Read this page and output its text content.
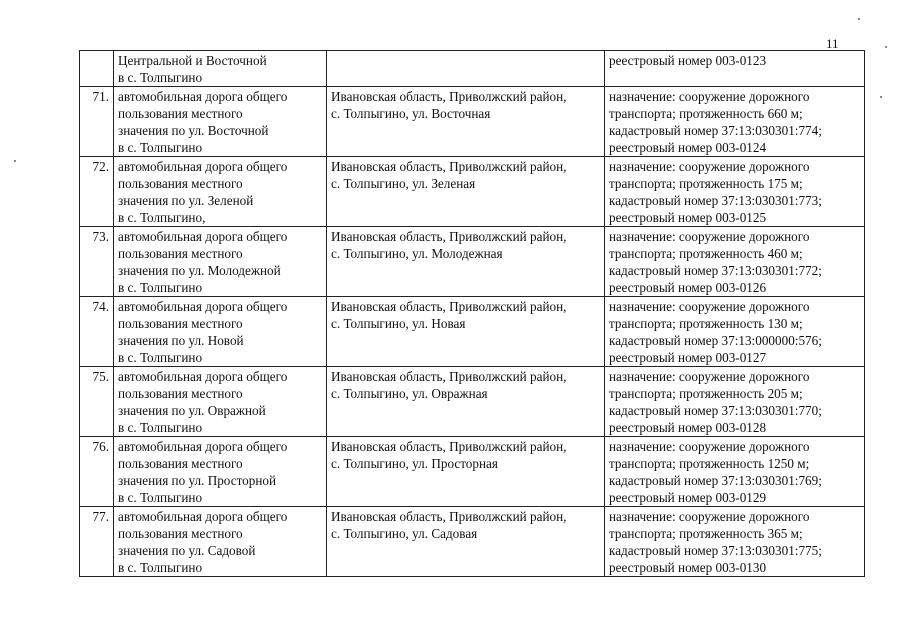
11

	Центральной и Восточной
в с. Толпыгино		реестровый номер 003-0123

71.	автомобильная дорога общего
пользования местного
значения по ул. Восточной
в с. Толпыгино	Ивановская область, Приволжский район,
с. Толпыгино, ул. Восточная	назначение: сооружение дорожного
транспорта; протяженность 660 м;
кадастровый номер 37:13:030301:774;
реестровый номер 003-0124

72.	автомобильная дорога общего
пользования местного
значения по ул. Зеленой
в с. Толпыгино,	Ивановская область, Приволжский район,
с. Толпыгино, ул. Зеленая	назначение: сооружение дорожного
транспорта; протяженность 175 м;
кадастровый номер 37:13:030301:773;
реестровый номер 003-0125

73.	автомобильная дорога общего
пользования местного
значения по ул. Молодежной
в с. Толпыгино	Ивановская область, Приволжский район,
с. Толпыгино, ул. Молодежная	назначение: сооружение дорожного
транспорта; протяженность 460 м;
кадастровый номер 37:13:030301:772;
реестровый номер 003-0126

74.	автомобильная дорога общего
пользования местного
значения по ул. Новой
в с. Толпыгино	Ивановская область, Приволжский район,
с. Толпыгино, ул. Новая	назначение: сооружение дорожного
транспорта; протяженность 130 м;
кадастровый номер 37:13:000000:576;
реестровый номер 003-0127

75.	автомобильная дорога общего
пользования местного
значения по ул. Овражной
в с. Толпыгино	Ивановская область, Приволжский район,
с. Толпыгино, ул. Овражная	назначение: сооружение дорожного
транспорта; протяженность 205 м;
кадастровый номер 37:13:030301:770;
реестровый номер 003-0128

76.	автомобильная дорога общего
пользования местного
значения по ул. Просторной
в с. Толпыгино	Ивановская область, Приволжский район,
с. Толпыгино, ул. Просторная	назначение: сооружение дорожного
транспорта; протяженность 1250 м;
кадастровый номер 37:13:030301:769;
реестровый номер 003-0129

77.	автомобильная дорога общего
пользования местного
значения по ул. Садовой
в с. Толпыгино	Ивановская область, Приволжский район,
с. Толпыгино, ул. Садовая	назначение: сооружение дорожного
транспорта; протяженность 365 м;
кадастровый номер 37:13:030301:775;
реестровый номер 003-0130
